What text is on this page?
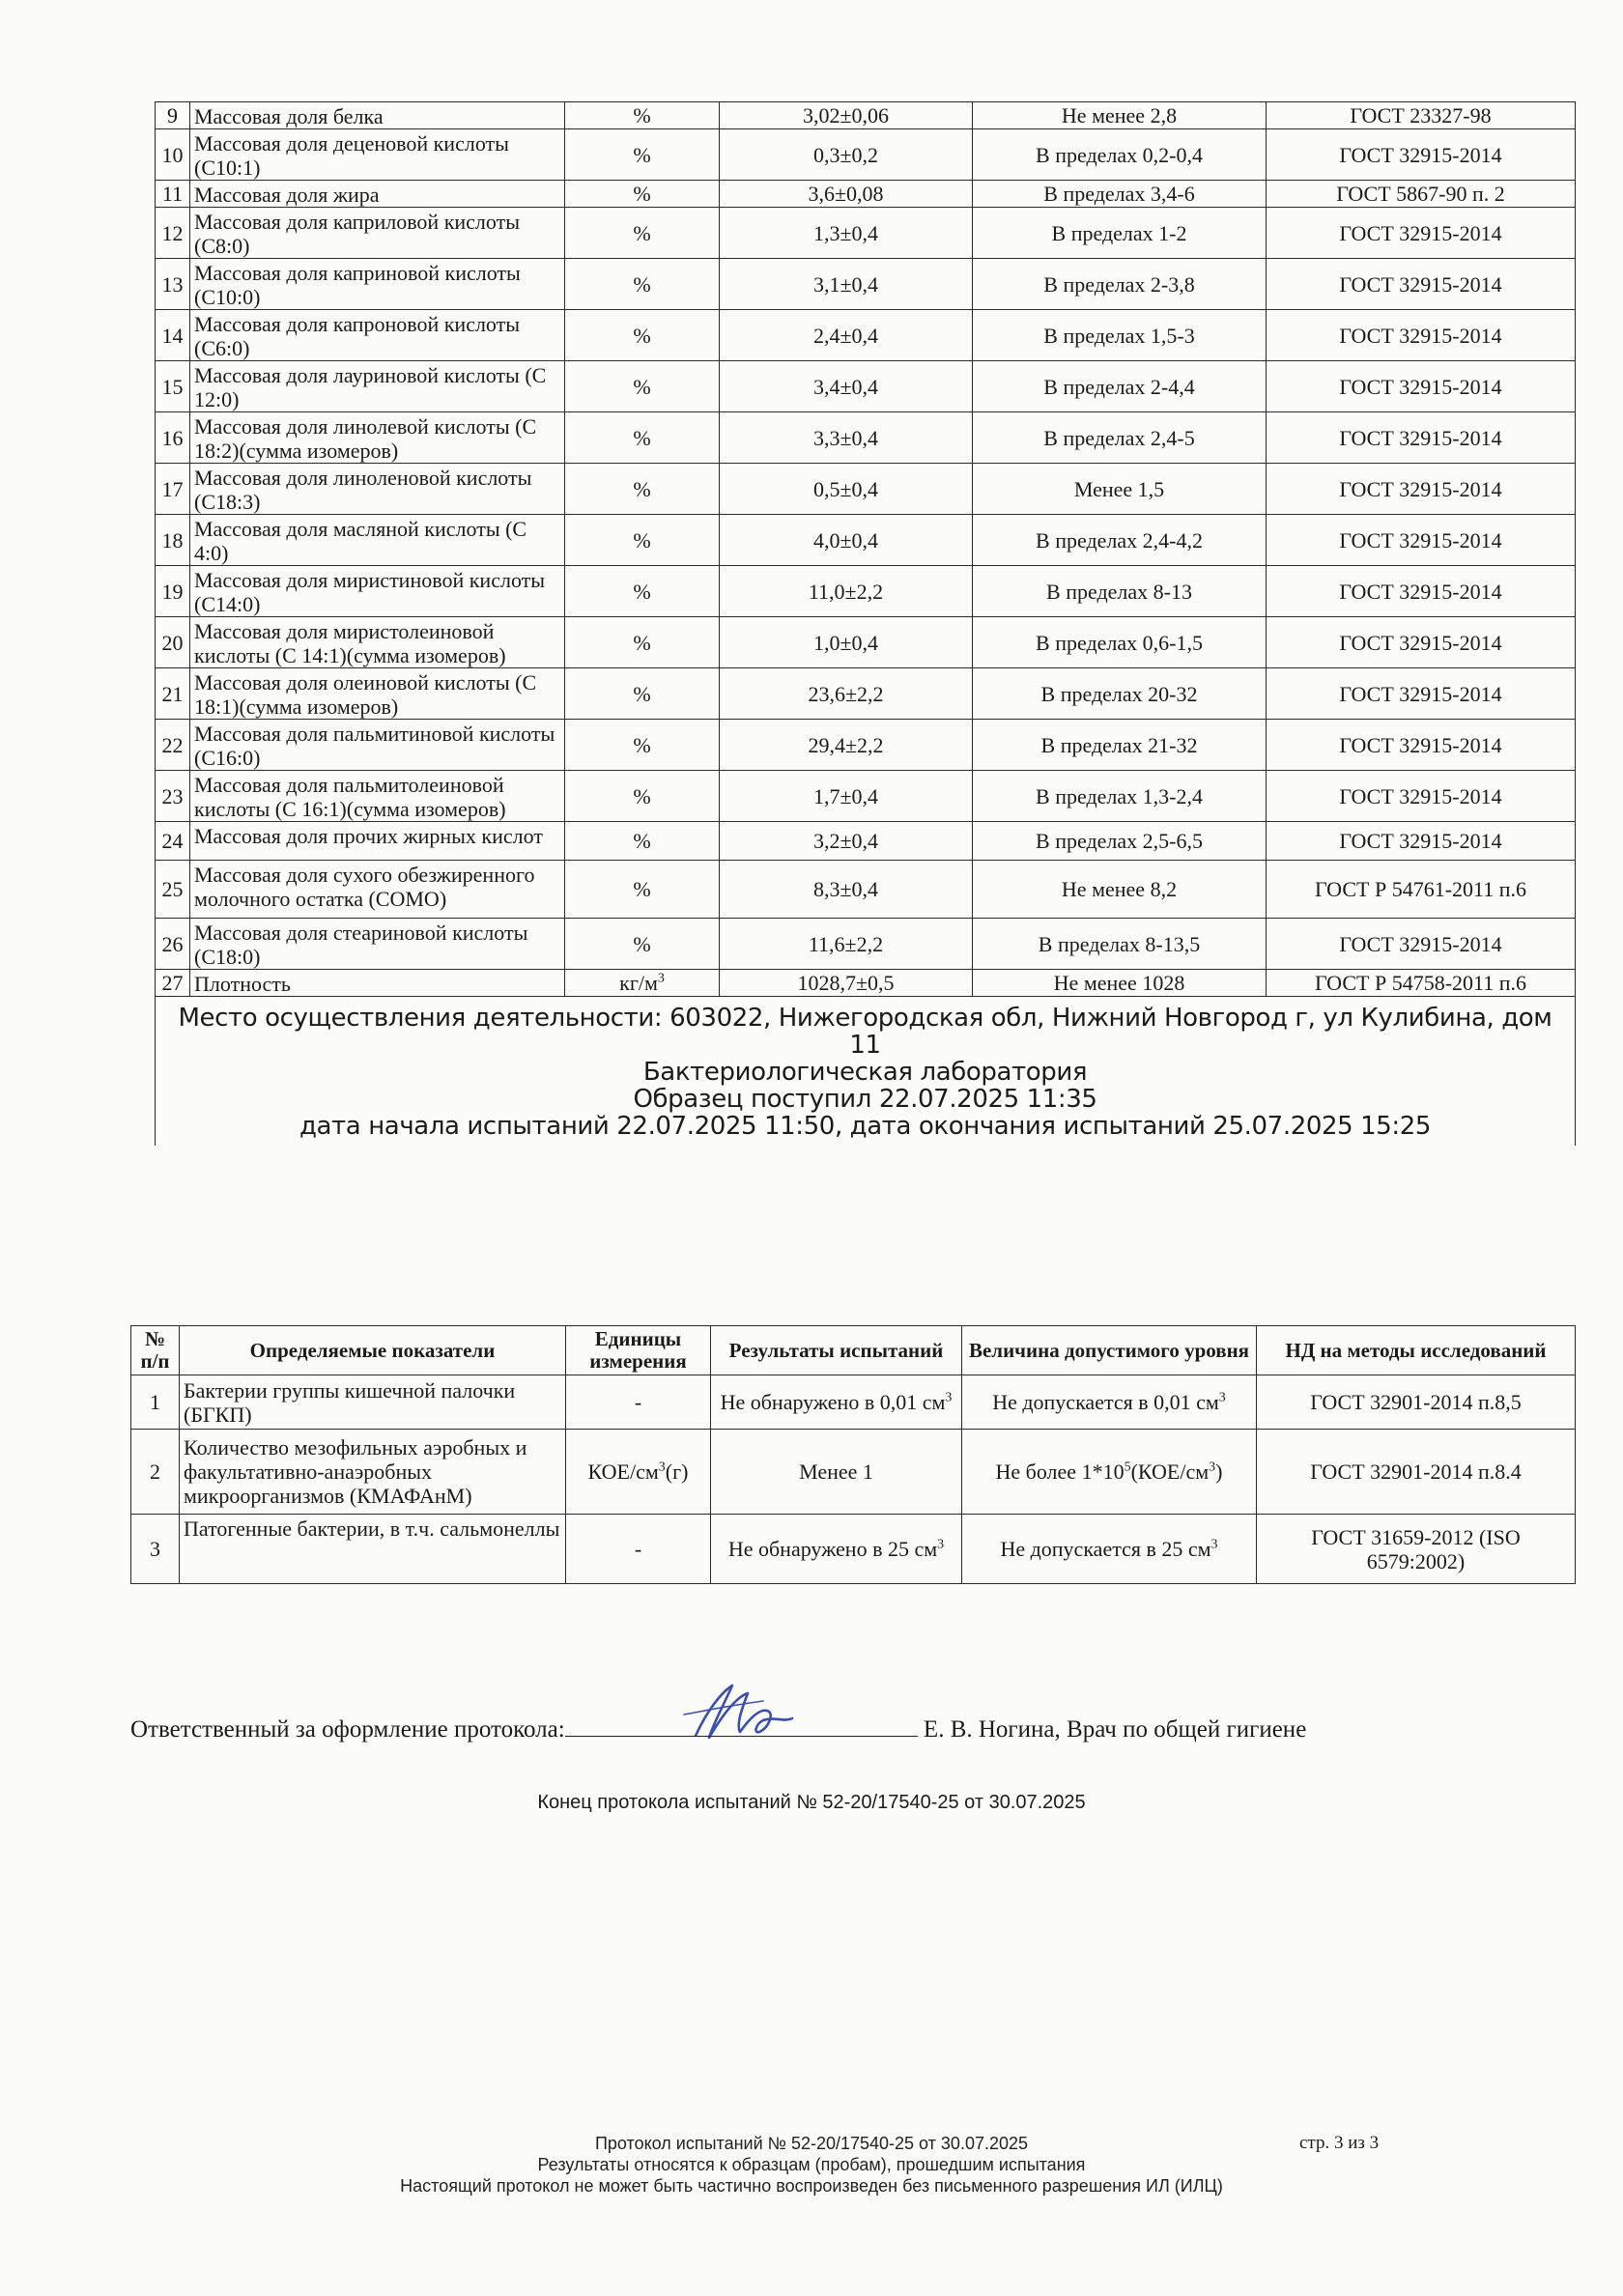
9	Массовая доля белка	%	3,02±0,06	Не менее 2,8	ГОСТ 23327-98
10	Массовая доля деценовой кислоты (С10:1)	%	0,3±0,2	В пределах 0,2-0,4	ГОСТ 32915-2014
11	Массовая доля жира	%	3,6±0,08	В пределах 3,4-6	ГОСТ 5867-90 п. 2
12	Массовая доля каприловой кислоты (С8:0)	%	1,3±0,4	В пределах 1-2	ГОСТ 32915-2014
13	Массовая доля каприновой кислоты (С10:0)	%	3,1±0,4	В пределах 2-3,8	ГОСТ 32915-2014
14	Массовая доля капроновой кислоты (С6:0)	%	2,4±0,4	В пределах 1,5-3	ГОСТ 32915-2014
15	Массовая доля лауриновой кислоты (С 12:0)	%	3,4±0,4	В пределах 2-4,4	ГОСТ 32915-2014
16	Массовая доля линолевой кислоты (С 18:2)(сумма изомеров)	%	3,3±0,4	В пределах 2,4-5	ГОСТ 32915-2014
17	Массовая доля линоленовой кислоты (С18:3)	%	0,5±0,4	Менее 1,5	ГОСТ 32915-2014
18	Массовая доля масляной кислоты (С 4:0)	%	4,0±0,4	В пределах 2,4-4,2	ГОСТ 32915-2014
19	Массовая доля миристиновой кислоты (С14:0)	%	11,0±2,2	В пределах 8-13	ГОСТ 32915-2014
20	Массовая доля миристолеиновой кислоты (С 14:1)(сумма изомеров)	%	1,0±0,4	В пределах 0,6-1,5	ГОСТ 32915-2014
21	Массовая доля олеиновой кислоты (С 18:1)(сумма изомеров)	%	23,6±2,2	В пределах 20-32	ГОСТ 32915-2014
22	Массовая доля пальмитиновой кислоты (С16:0)	%	29,4±2,2	В пределах 21-32	ГОСТ 32915-2014
23	Массовая доля пальмитолеиновой кислоты (С 16:1)(сумма изомеров)	%	1,7±0,4	В пределах 1,3-2,4	ГОСТ 32915-2014
24	Массовая доля прочих жирных кислот	%	3,2±0,4	В пределах 2,5-6,5	ГОСТ 32915-2014
25	Массовая доля сухого обезжиренного молочного остатка (СОМО)	%	8,3±0,4	Не менее 8,2	ГОСТ Р 54761-2011 п.6
26	Массовая доля стеариновой кислоты (С18:0)	%	11,6±2,2	В пределах 8-13,5	ГОСТ 32915-2014
27	Плотность	$кг/м^3$	1028,7±0,5	Не менее 1028	ГОСТ Р 54758-2011 п.6

Место осуществления деятельности: 603022, Нижегородская обл, Нижний Новгород г, ул Кулибина, дом 11
Бактериологическая лаборатория
Образец поступил 22.07.2025 11:35
дата начала испытаний 22.07.2025 11:50, дата окончания испытаний 25.07.2025 15:25					
№ п/п	Определяемые показатели	Единицы измерения	Результаты испытаний	Величина допустимого уровня	НД на методы исследований
1	Бактерии группы кишечной палочки (БГКП)	-	Не обнаружено в 0,01 $см^3$	Не допускается в 0,01 $см^3$	ГОСТ 32901-2014 п.8,5
2	Количество мезофильных аэробных и факультативно-анаэробных микроорганизмов (КМАФАнМ)	КОЕ/$см^3(г)$	Менее 1	Не более $1*10^5(КОЕ/см^3)$	ГОСТ 32901-2014 п.8.4
3	Патогенные бактерии, в т.ч. сальмонеллы	-	Не обнаружено в 25 $см^3$	Не допускается в 25 $см^3$	ГОСТ 31659-2012 (ISO 6579:2002)
Ответственный за оформление протокола:	Е. В. Ногина, Врач по общей гигиене
Конец протокола испытаний № 52-20/17540-25 от 30.07.2025
Протокол испытаний № 52-20/17540-25 от 30.07.2025
Результаты относятся к образцам (пробам), прошедшим испытания
Настоящий протокол не может быть частично воспроизведен без письменного разрешения ИЛ (ИЛЦ)
стр. 3 из 3
